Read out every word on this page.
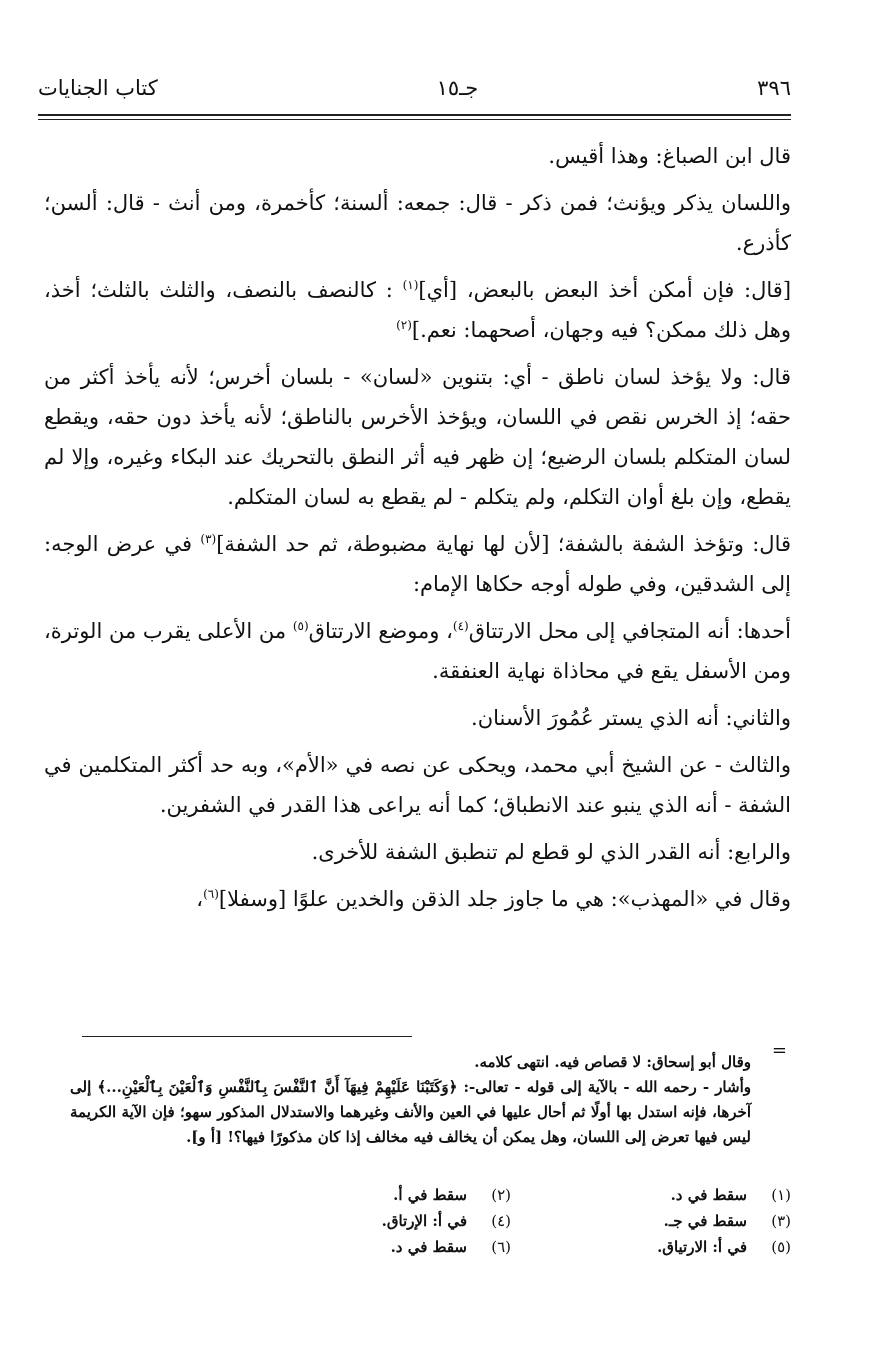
٣٩٦
جـ١٥
كتاب الجنايات

قال ابن الصباغ: وهذا أقيس.

واللسان يذكر ويؤنث؛ فمن ذكر - قال: جمعه: ألسنة؛ كأخمرة، ومن أنث - قال: ألسن؛ كأذرع.

[قال: فإن أمكن أخذ البعض بالبعض، [أي]$^{(١)}$ : كالنصف بالنصف، والثلث بالثلث؛ أخذ، وهل ذلك ممكن؟ فيه وجهان، أصحهما: نعم.]$^{(٢)}$

قال: ولا يؤخذ لسان ناطق - أي: بتنوين «لسان» - بلسان أخرس؛ لأنه يأخذ أكثر من حقه؛ إذ الخرس نقص في اللسان، ويؤخذ الأخرس بالناطق؛ لأنه يأخذ دون حقه، ويقطع لسان المتكلم بلسان الرضيع؛ إن ظهر فيه أثر النطق بالتحريك عند البكاء وغيره، وإلا لم يقطع، وإن بلغ أوان التكلم، ولم يتكلم - لم يقطع به لسان المتكلم.

قال: وتؤخذ الشفة بالشفة؛ [لأن لها نهاية مضبوطة، ثم حد الشفة]$^{(٣)}$ في عرض الوجه: إلى الشدقين، وفي طوله أوجه حكاها الإمام:

أحدها: أنه المتجافي إلى محل الارتتاق$^{(٤)}$، وموضع الارتتاق$^{(٥)}$ من الأعلى يقرب من الوترة، ومن الأسفل يقع في محاذاة نهاية العنفقة.

والثاني: أنه الذي يستر عُمُورَ الأسنان.

والثالث - عن الشيخ أبي محمد، ويحكى عن نصه في «الأم»، وبه حد أكثر المتكلمين في الشفة - أنه الذي ينبو عند الانطباق؛ كما أنه يراعى هذا القدر في الشفرين.

والرابع: أنه القدر الذي لو قطع لم تنطبق الشفة للأخرى.

وقال في «المهذب»: هي ما جاوز جلد الذقن والخدين علوًا [وسفلا]$^{(٦)}$،

=

وقال أبو إسحاق: لا قصاص فيه. انتهى كلامه.

وأشار - رحمه الله - بالآية إلى قوله - تعالى-: ﴿وَكَتَبْنَا عَلَيْهِمْ فِيهَآ أَنَّ ٱلنَّفْسَ بِٱلنَّفْسِ وَٱلْعَيْنَ بِٱلْعَيْنِ...﴾ إلى آخرها، فإنه استدل بها أولًا ثم أحال عليها في العين والأنف وغيرهما والاستدلال المذكور سهو؛ فإن الآية الكريمة ليس فيها تعرض إلى اللسان، وهل يمكن أن يخالف فيه مخالف إذا كان مذكورًا فيها؟! [أ و].

(١)سقط في د.
(٢)سقط في أ.
(٣)سقط في جـ.
(٤)في أ: الإرتاق.
(٥)في أ: الارتياق.
(٦)سقط في د.
